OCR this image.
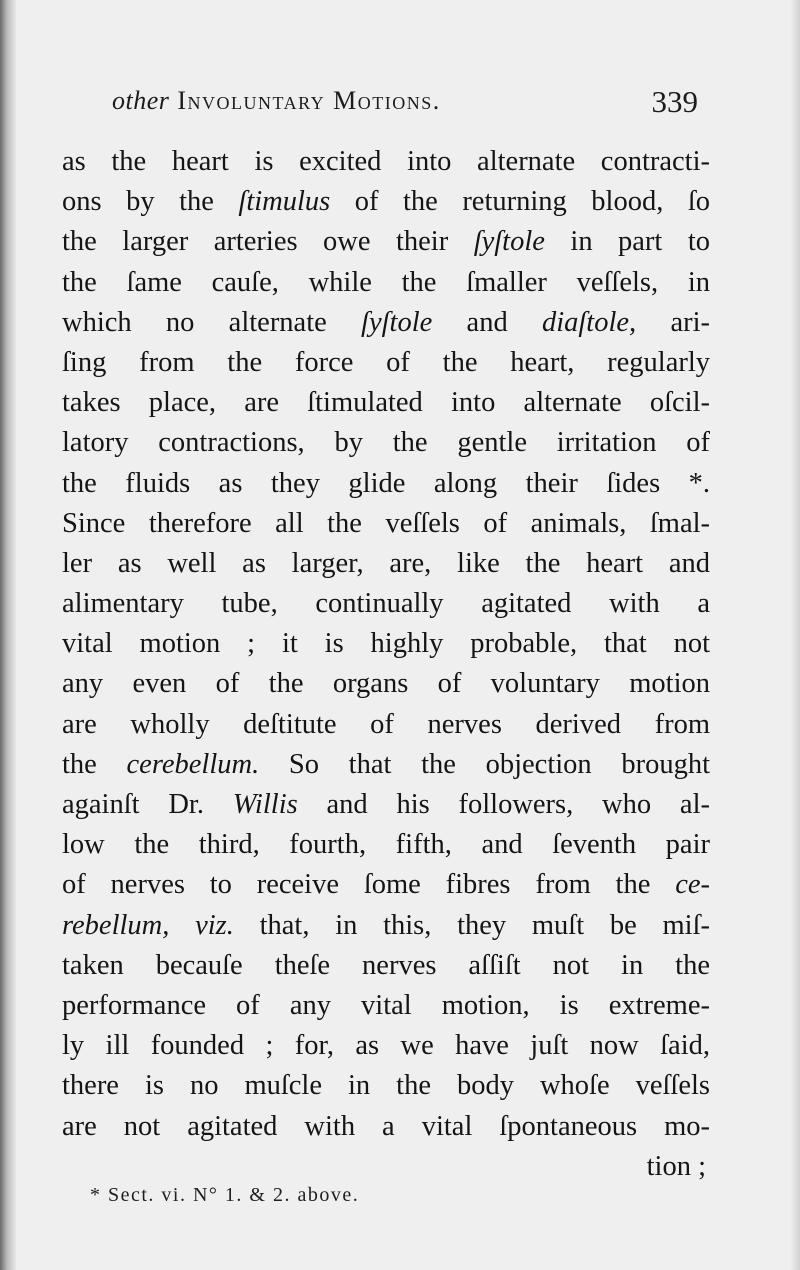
other Involuntary Motions.	339
as the heart is excited into alternate contracti-
ons by the ſtimulus of the returning blood, ſo
the larger arteries owe their ſyſtole in part to
the ſame cauſe, while the ſmaller veſſels, in
which no alternate ſyſtole and diaſtole, ari-
ſing from the force of the heart, regularly
takes place, are ſtimulated into alternate oſcil-
latory contractions, by the gentle irritation of
the fluids as they glide along their ſides *.
Since therefore all the veſſels of animals, ſmal-
ler as well as larger, are, like the heart and
alimentary tube, continually agitated with a
vital motion ; it is highly probable, that not
any even of the organs of voluntary motion
are wholly deſtitute of nerves derived from
the cerebellum. So that the objection brought
againſt Dr. Willis and his followers, who al-
low the third, fourth, fifth, and ſeventh pair
of nerves to receive ſome fibres from the ce-
rebellum, viz. that, in this, they muſt be miſ-
taken becauſe theſe nerves aſſiſt not in the
performance of any vital motion, is extreme-
ly ill founded ; for, as we have juſt now ſaid,
there is no muſcle in the body whoſe veſſels
are not agitated with a vital ſpontaneous mo-
tion ;
* Sect. vi. N° 1. & 2. above.
